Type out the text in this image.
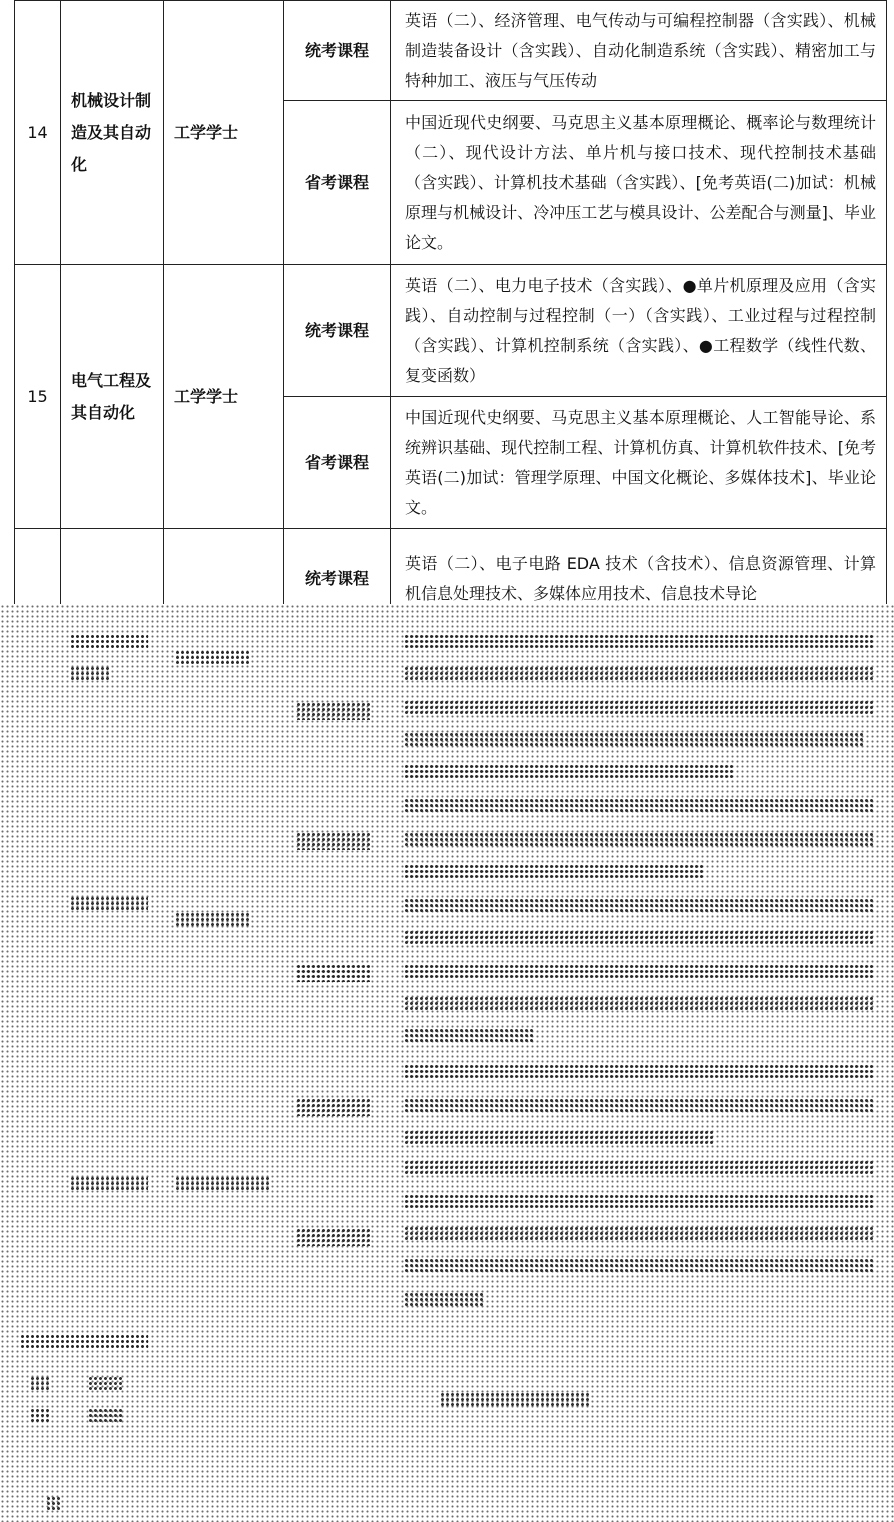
14	机械设计制造及其自动化	工学学士	统考课程	英语（二）、经济管理、电气传动与可编程控制器（含实践）、机械制造装备设计（含实践）、自动化制造系统（含实践）、精密加工与特种加工、液压与气压传动
			省考课程	中国近现代史纲要、马克思主义基本原理概论、概率论与数理统计（二）、现代设计方法、单片机与接口技术、现代控制技术基础（含实践）、计算机技术基础（含实践）、[免考英语(二)加试：机械原理与机械设计、冷冲压工艺与模具设计、公差配合与测量]、毕业论文。
15	电气工程及其自动化	工学学士	统考课程	英语（二）、电力电子技术（含实践）、●单片机原理及应用（含实践）、自动控制与过程控制（一）（含实践）、工业过程与过程控制（含实践）、计算机控制系统（含实践）、●工程数学（线性代数、复变函数）
			省考课程	中国近现代史纲要、马克思主义基本原理概论、人工智能导论、系统辨识基础、现代控制工程、计算机仿真、计算机软件技术、[免考英语(二)加试：管理学原理、中国文化概论、多媒体技术]、毕业论文。
			统考课程	英语（二）、电子电路 EDA 技术（含技术）、信息资源管理、计算机信息处理技术、多媒体应用技术、信息技术导论
